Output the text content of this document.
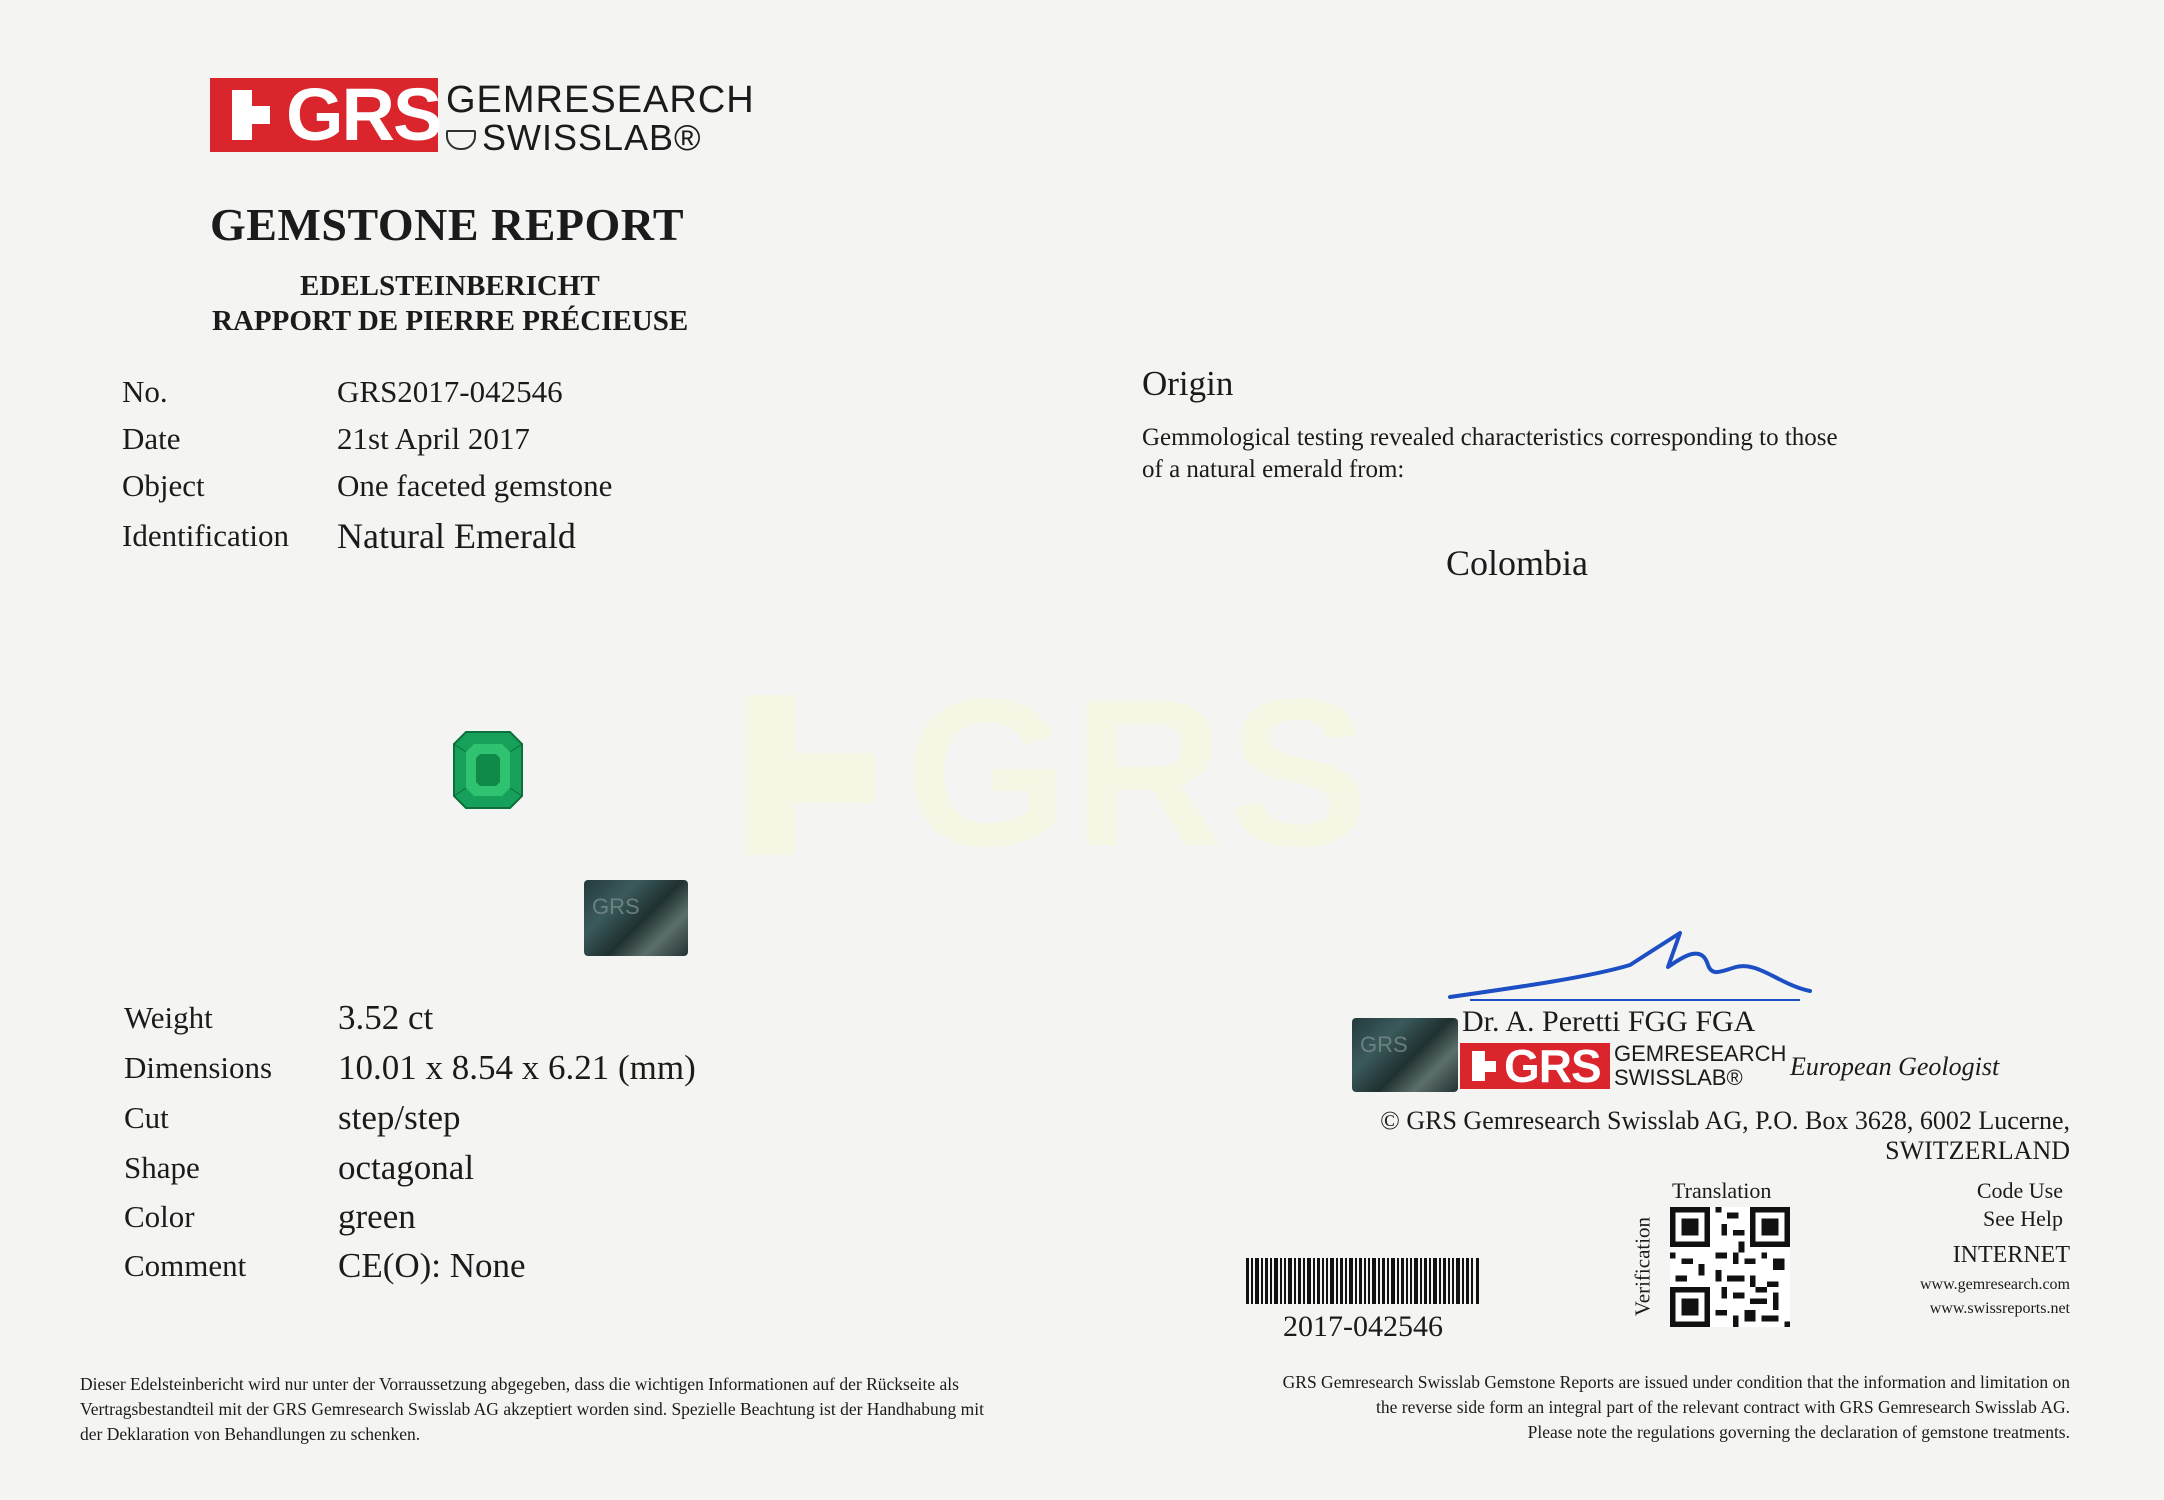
GRS GEMRESEARCH
SWISSLAB®
GEMSTONE REPORT
EDELSTEINBERICHT
RAPPORT DE PIERRE PRÉCIEUSE
No.	GRS2017-042546
Date	21st April 2017
Object	One faceted gemstone
Identification Natural Emerald
Origin
Gemmological testing revealed characteristics corresponding to those
of a natural emerald from:
Colombia
GRS
GRS
Weight	3.52 ct
Dimensions 10.01 x 8.54 x 6.21 (mm)
Cut	step/step
Shape	octagonal
Color	green
Comment	CE(O): None
Dr. A. Peretti FGG FGA
GRS GRS GEMRESEARCH
SWISSLAB® European Geologist
© GRS Gemresearch Swisslab AG, P.O. Box 3628, 6002 Lucerne, SWITZERLAND
Translation
Verification
Code Use
See Help
INTERNET
www.gemresearch.com
www.swissreports.net
2017-042546
Dieser Edelsteinbericht wird nur unter der Vorraussetzung abgegeben, dass die wichtigen Informationen auf der Rückseite als Vertragsbestandteil mit der GRS Gemresearch Swisslab AG akzeptiert worden sind. Spezielle Beachtung ist der Handhabung mit der Deklaration von Behandlungen zu schenken.
GRS Gemresearch Swisslab Gemstone Reports are issued under condition that the information and limitation on
the reverse side form an integral part of the relevant contract with GRS Gemresearch Swisslab AG.
Please note the regulations governing the declaration of gemstone treatments.
